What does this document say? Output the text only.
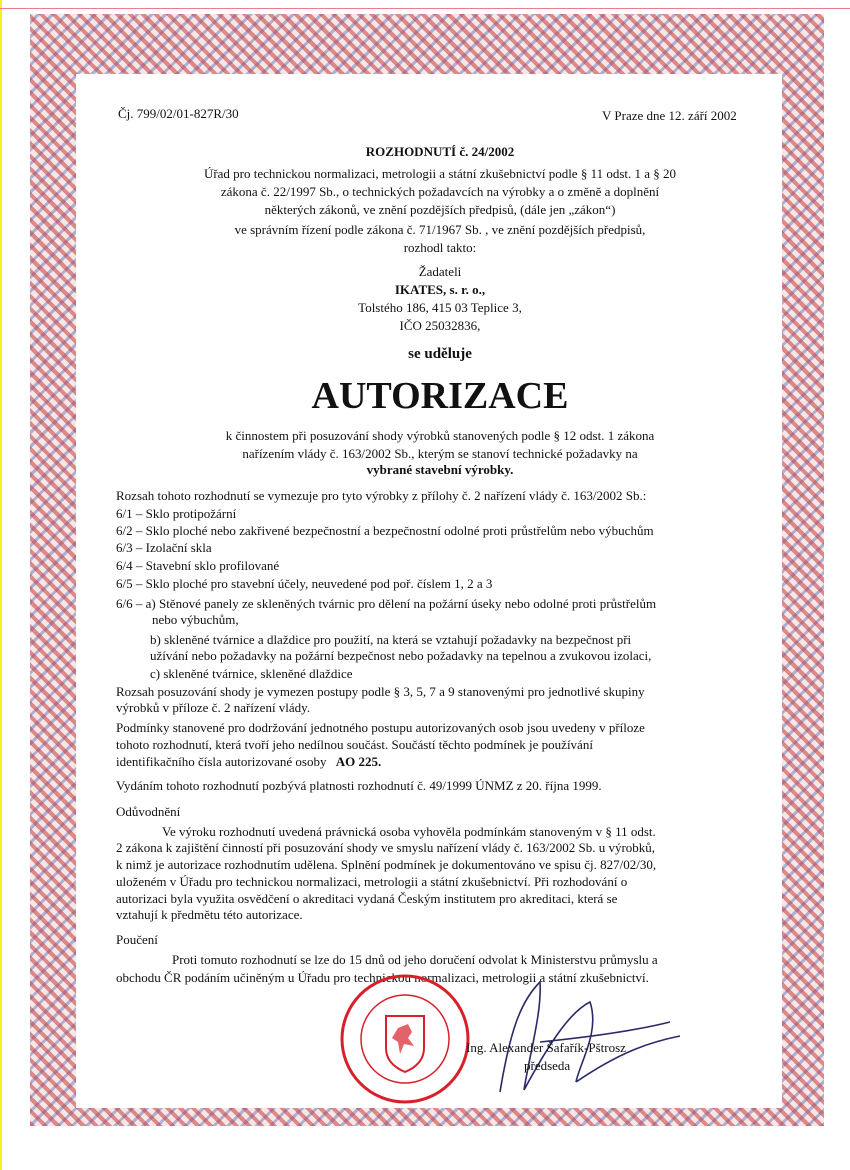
Čj. 799/02/01-827R/30	V Praze dne 12. září 2002
ROZHODNUTÍ č. 24/2002
Úřad pro technickou normalizaci, metrologii a státní zkušebnictví podle § 11 odst. 1 a § 20
zákona č. 22/1997 Sb., o technických požadavcích na výrobky a o změně a doplnění
některých zákonů, ve znění pozdějších předpisů, (dále jen „zákon“)
ve správním řízení podle zákona č. 71/1967 Sb. , ve znění pozdějších předpisů,
rozhodl takto:
Žadateli
IKATES, s. r. o.,
Tolstého 186, 415 03 Teplice 3,
IČO 25032836,
se uděluje
AUTORIZACE
k činnostem při posuzování shody výrobků stanovených podle § 12 odst. 1 zákona
nařízením vlády č. 163/2002 Sb., kterým se stanoví technické požadavky na
vybrané stavební výrobky.
Rozsah tohoto rozhodnutí se vymezuje pro tyto výrobky z přílohy č. 2 nařízení vlády č. 163/2002 Sb.:
6/1 – Sklo protipožární
6/2 – Sklo ploché nebo zakřivené bezpečnostní a bezpečnostní odolné proti průstřelům nebo výbuchům
6/3 – Izolační skla
6/4 – Stavební sklo profilované
6/5 – Sklo ploché pro stavební účely, neuvedené pod poř. číslem 1, 2 a 3
6/6 – a) Stěnové panely ze skleněných tvárnic pro dělení na požární úseky nebo odolné proti průstřelům
nebo výbuchům,
b) skleněné tvárnice a dlaždice pro použití, na která se vztahují požadavky na bezpečnost při
užívání nebo požadavky na požární bezpečnost nebo požadavky na tepelnou a zvukovou izolaci,
c) skleněné tvárnice, skleněné dlaždice
Rozsah posuzování shody je vymezen postupy podle § 3, 5, 7 a 9 stanovenými pro jednotlivé skupiny
výrobků v příloze č. 2 nařízení vlády.
Podmínky stanovené pro dodržování jednotného postupu autorizovaných osob jsou uvedeny v příloze
tohoto rozhodnutí, která tvoří jeho nedílnou součást. Součástí těchto podmínek je používání
identifikačního čísla autorizované osoby AO 225.
Vydáním tohoto rozhodnutí pozbývá platnosti rozhodnutí č. 49/1999 ÚNMZ z 20. října 1999.
Odůvodnění
Ve výroku rozhodnutí uvedená právnická osoba vyhověla podmínkám stanoveným v § 11 odst.
2 zákona k zajištění činností při posuzování shody ve smyslu nařízení vlády č. 163/2002 Sb. u výrobků,
k nimž je autorizace rozhodnutím udělena. Splnění podmínek je dokumentováno ve spisu čj. 827/02/30,
uloženém v Úřadu pro technickou normalizaci, metrologii a státní zkušebnictví. Při rozhodování o
autorizaci byla využita osvědčení o akreditaci vydaná Českým institutem pro akreditaci, která se
vztahují k předmětu této autorizace.
Poučení
Proti tomuto rozhodnutí se lze do 15 dnů od jeho doručení odvolat k Ministerstvu průmyslu a
obchodu ČR podáním učiněným u Úřadu pro technickou normalizaci, metrologii a státní zkušebnictví.
Ing. Alexander Šafařík-Pštrosz
předseda
